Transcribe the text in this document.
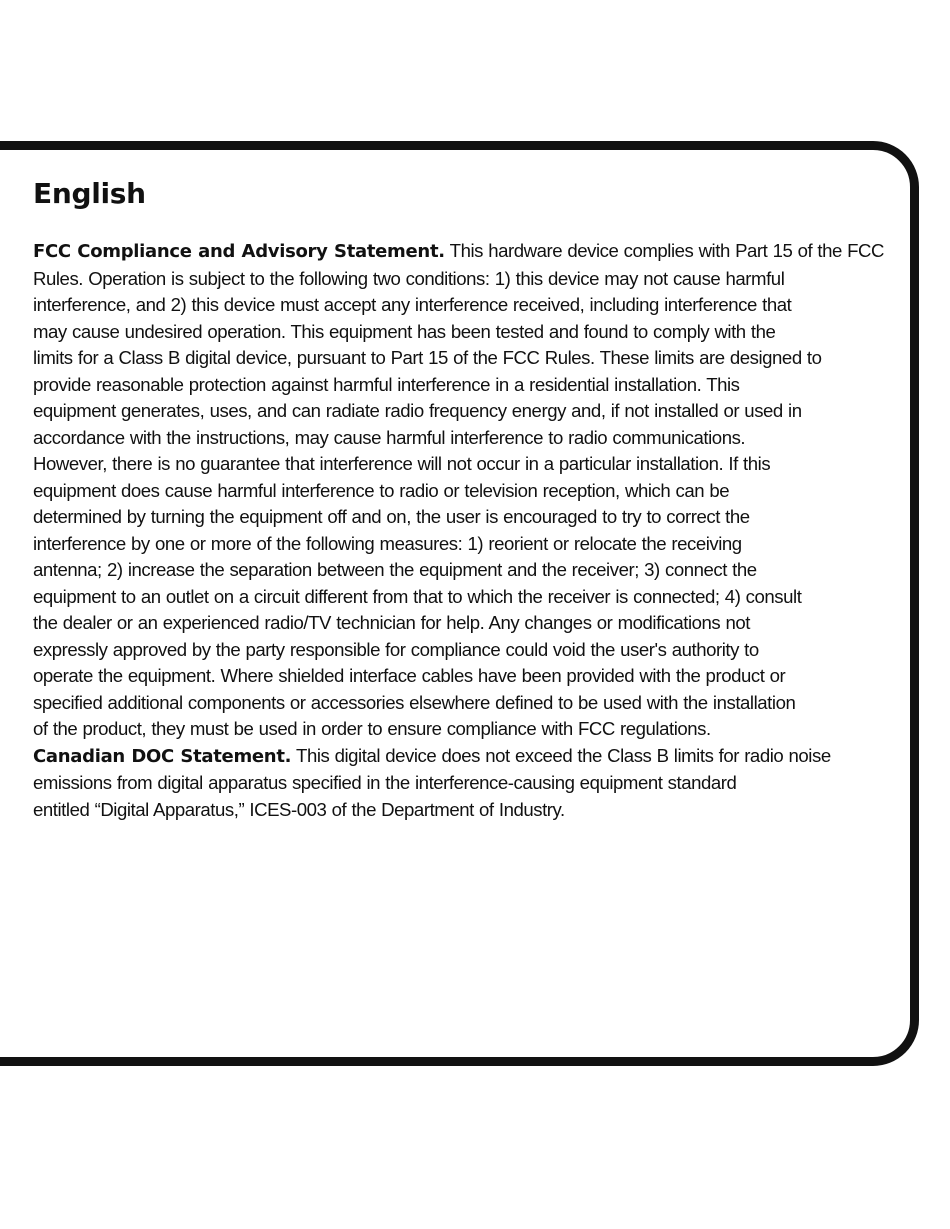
English

FCC Compliance and Advisory Statement. This hardware device complies with Part 15 of the FCC
Rules. Operation is subject to the following two conditions: 1) this device may not cause harmful
interference, and 2) this device must accept any interference received, including interference that
may cause undesired operation. This equipment has been tested and found to comply with the
limits for a Class B digital device, pursuant to Part 15 of the FCC Rules. These limits are designed to
provide reasonable protection against harmful interference in a residential installation. This
equipment generates, uses, and can radiate radio frequency energy and, if not installed or used in
accordance with the instructions, may cause harmful interference to radio communications.
However, there is no guarantee that interference will not occur in a particular installation. If this
equipment does cause harmful interference to radio or television reception, which can be
determined by turning the equipment off and on, the user is encouraged to try to correct the
interference by one or more of the following measures: 1) reorient or relocate the receiving
antenna; 2) increase the separation between the equipment and the receiver; 3) connect the
equipment to an outlet on a circuit different from that to which the receiver is connected; 4) consult
the dealer or an experienced radio/TV technician for help. Any changes or modifications not
expressly approved by the party responsible for compliance could void the user's authority to
operate the equipment. Where shielded interface cables have been provided with the product or
specified additional components or accessories elsewhere defined to be used with the installation
of the product, they must be used in order to ensure compliance with FCC regulations.
Canadian DOC Statement. This digital device does not exceed the Class B limits for radio noise
emissions from digital apparatus specified in the interference-causing equipment standard
entitled “Digital Apparatus,” ICES-003 of the Department of Industry.
